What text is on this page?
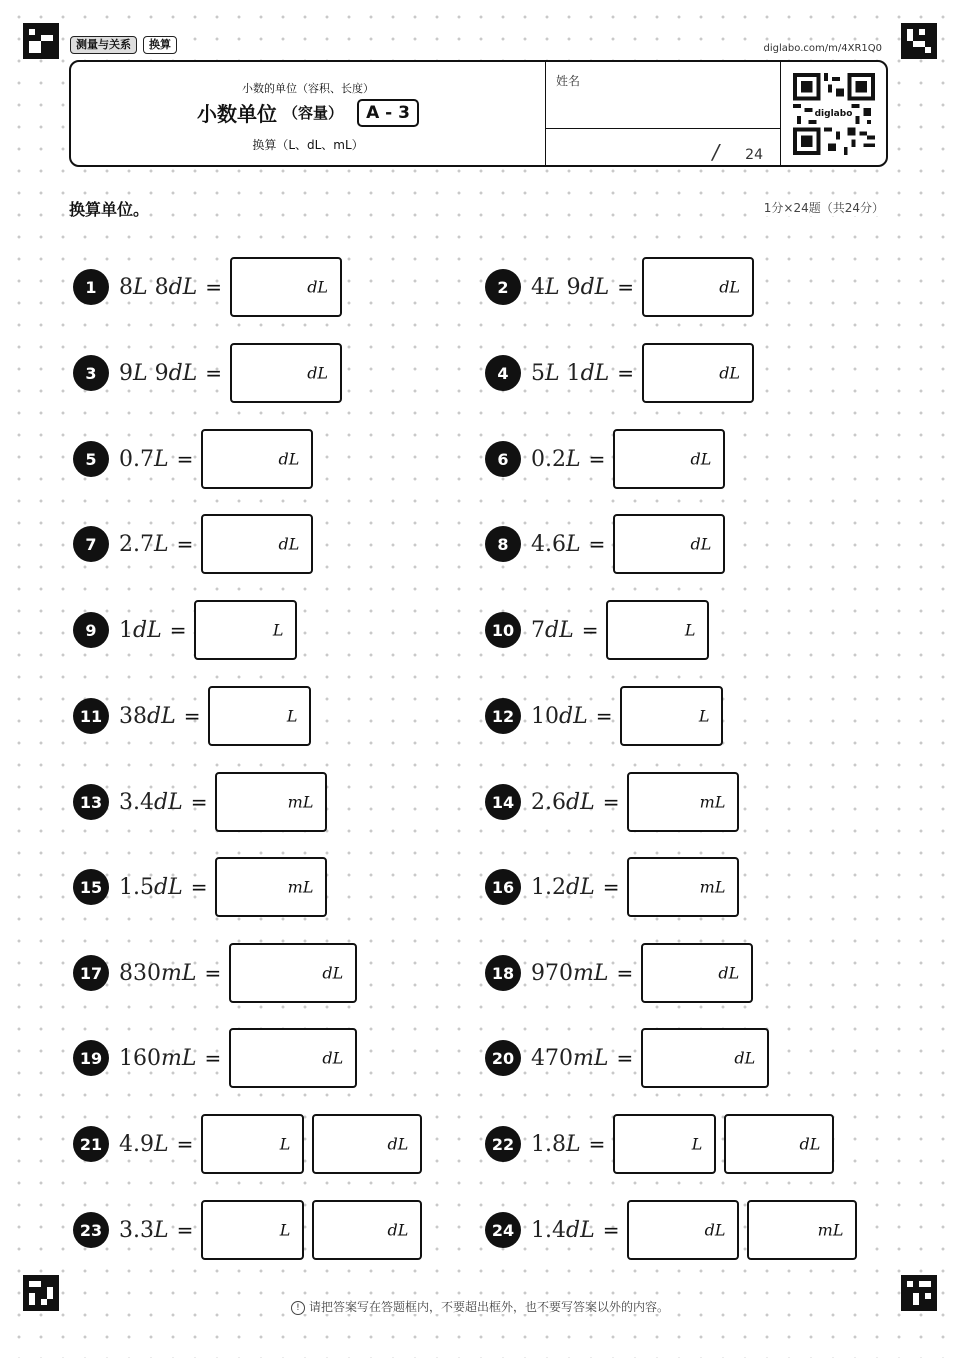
测量与关系	换算	diglabo.com/m/4XR1Q0
小数的单位（容积、长度）
小数单位 （容量）	A - 3
换算（L、dL、mL）
姓名
/ 24
diglabo
换算单位。	1分×24题（共24分）
1	8𝐿 8𝑑𝐿 =	dL	2	4𝐿 9𝑑𝐿 =	dL
3	9𝐿 9𝑑𝐿 =	dL	4	5𝐿 1𝑑𝐿 =	dL
5	0.7𝐿 =	dL	6	0.2𝐿 =	dL
7	2.7𝐿 =	dL	8	4.6𝐿 =	dL
9	1𝑑𝐿 =	L	10 7𝑑𝐿 =	L
11 38𝑑𝐿 =	L	12 10𝑑𝐿 =	L
13 3.4𝑑𝐿 =	mL	14 2.6𝑑𝐿 =	mL
15 1.5𝑑𝐿 =	mL	16 1.2𝑑𝐿 =	mL
17 830𝑚𝐿 =	dL	18 970𝑚𝐿 =	dL
19 160𝑚𝐿 =	dL	20 470𝑚𝐿 =	dL
21 4.9𝐿 =	L	dL	22 1.8𝐿 =	L	dL
23 3.3𝐿 =	L	dL	24 1.4𝑑𝐿 =	dL	mL
! 请把答案写在答题框内，不要超出框外，也不要写答案以外的内容。
